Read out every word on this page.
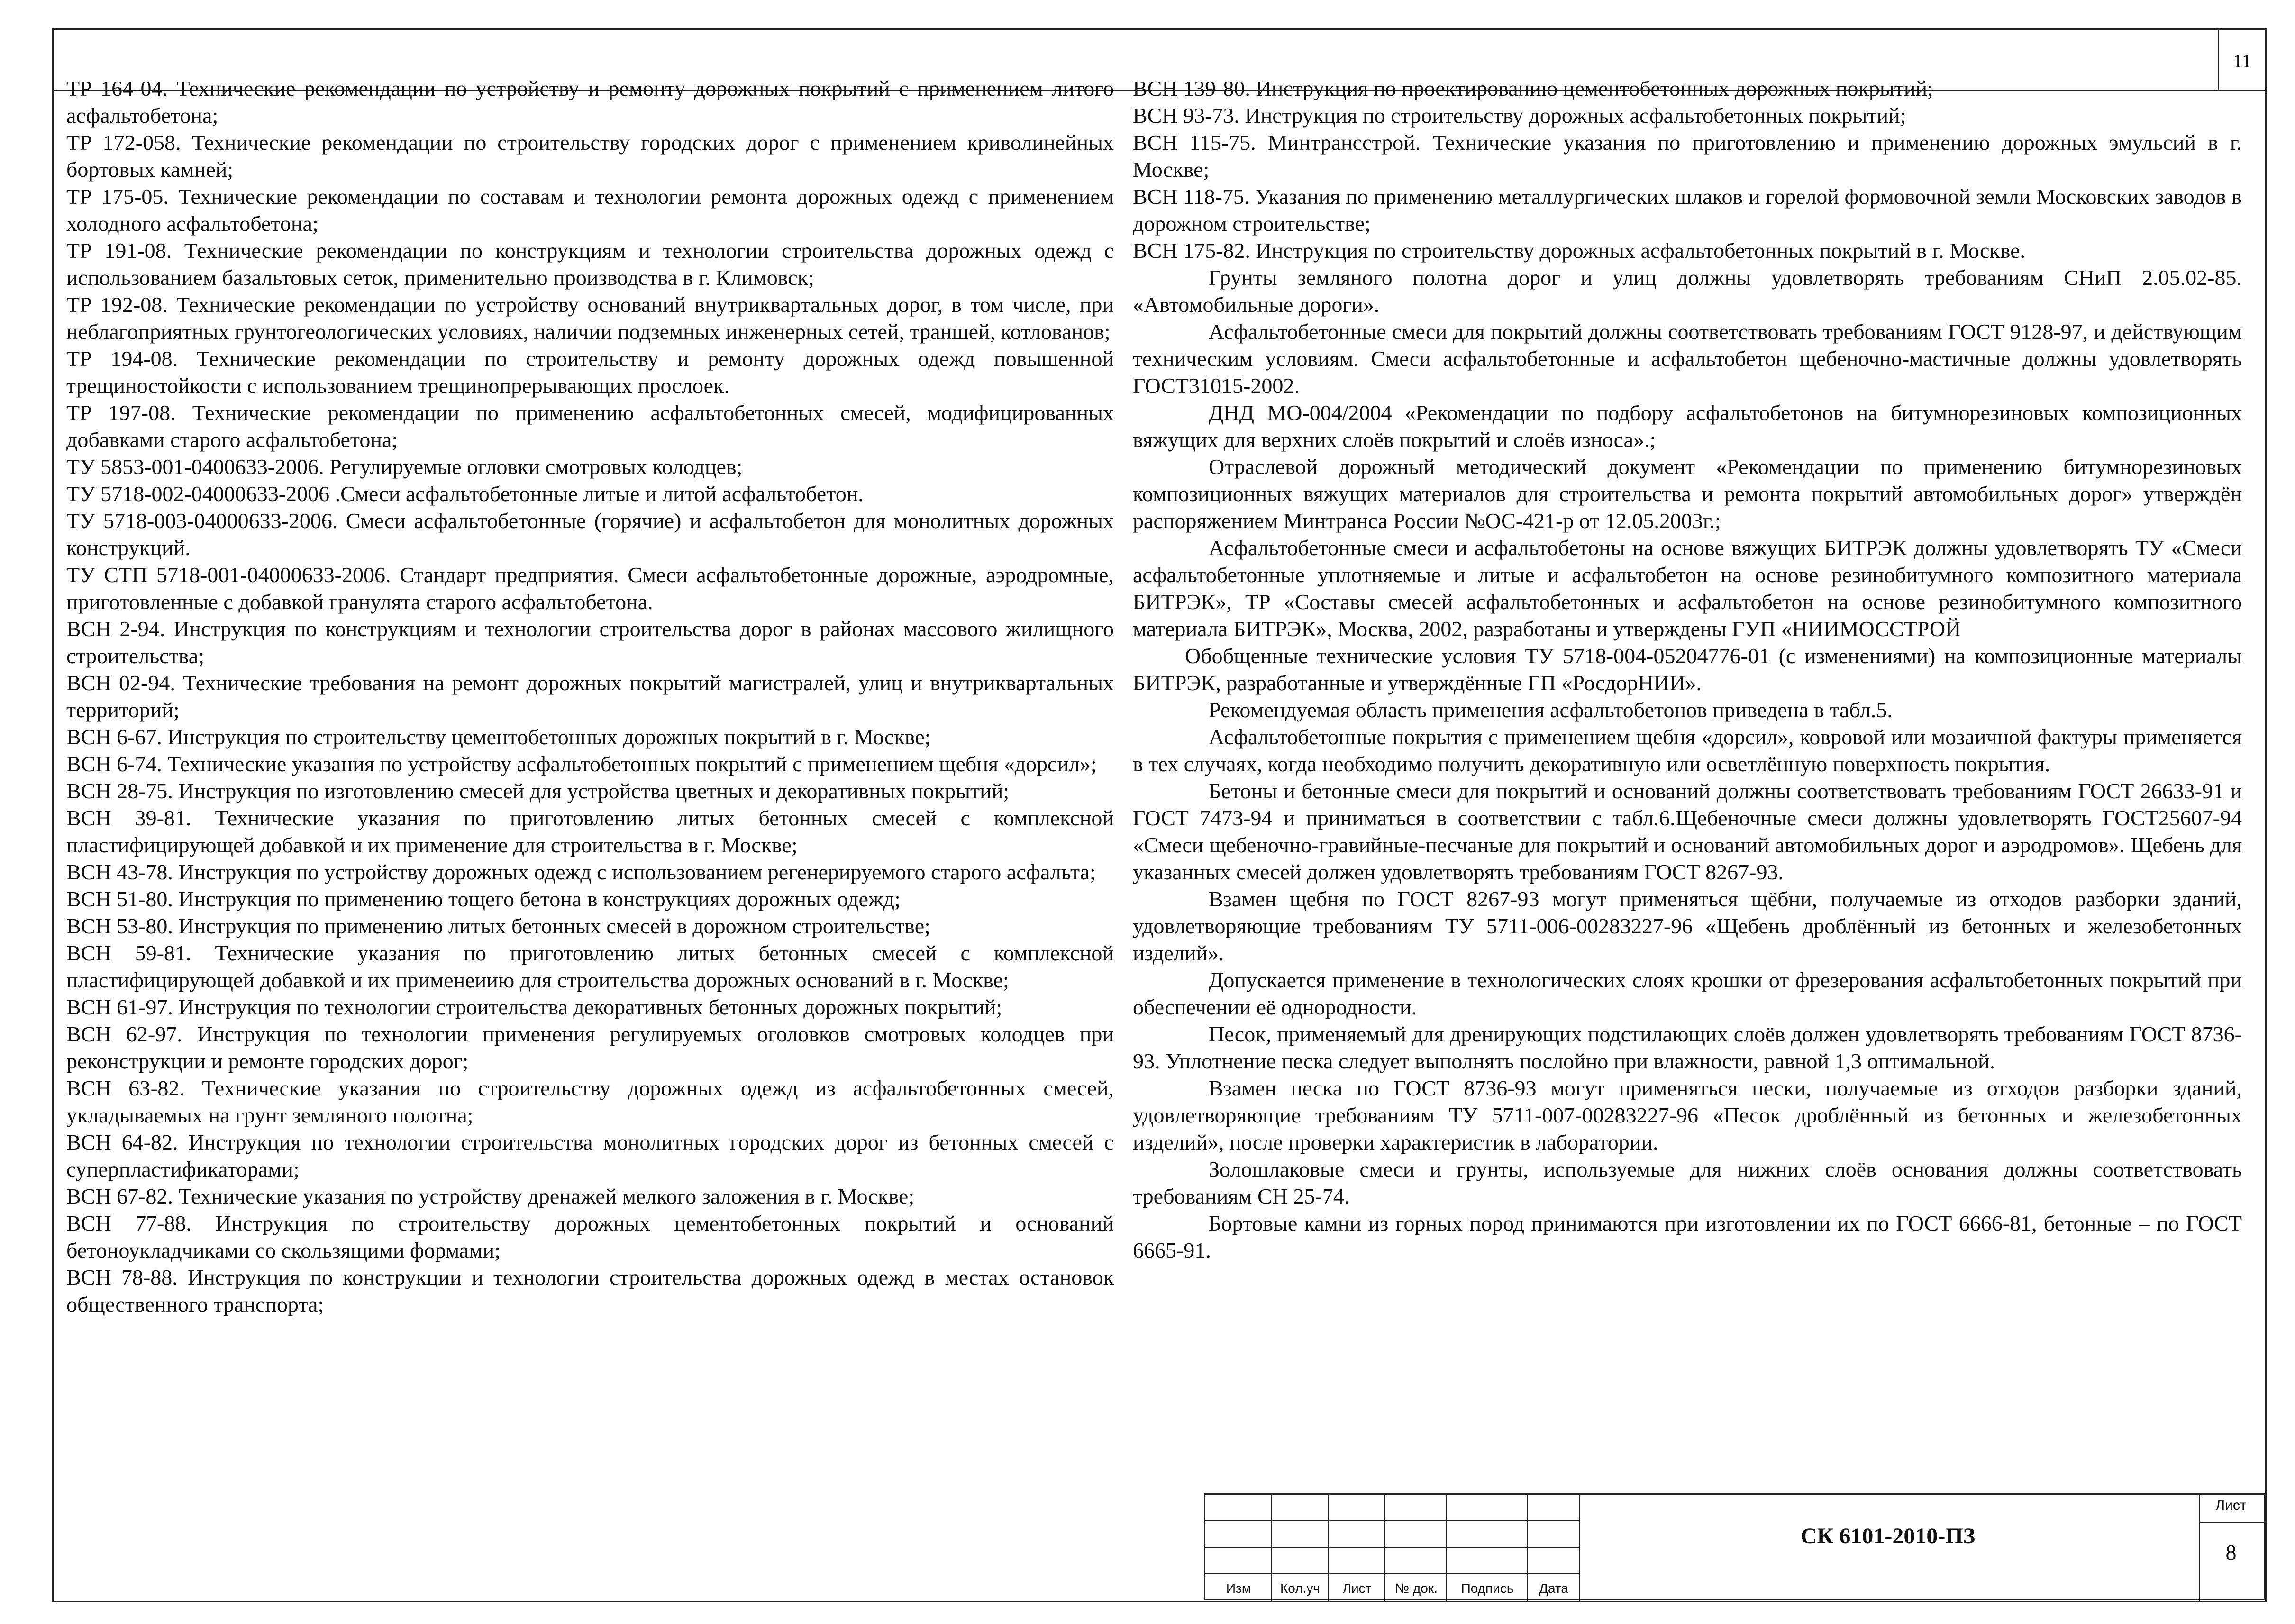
11

ТР 164-04. Технические рекомендации по устройству и ремонту дорожных покрытий с применением литого асфальтобетона;

ТР 172-058. Технические рекомендации по строительству городских дорог с применением криволинейных бортовых камней;

ТР 175-05. Технические рекомендации по составам и технологии ремонта дорожных одежд с применением холодного асфальтобетона;

ТР 191-08. Технические рекомендации по конструкциям и технологии строительства дорожных одежд с использованием базальтовых сеток, применительно производства в г. Климовск;

ТР 192-08. Технические рекомендации по устройству оснований внутриквартальных дорог, в том числе, при неблагоприятных грунтогеологических условиях, наличии подземных инженерных сетей, траншей, котлованов;

ТР 194-08. Технические рекомендации по строительству и ремонту дорожных одежд повышенной трещиностойкости с использованием трещинопрерывающих прослоек.

ТР 197-08. Технические рекомендации по применению асфальтобетонных смесей, модифицированных добавками старого асфальтобетона;

ТУ 5853-001-0400633-2006. Регулируемые огловки смотровых колодцев;

ТУ 5718-002-04000633-2006 .Смеси асфальтобетонные литые и литой асфальтобетон.

ТУ 5718-003-04000633-2006. Смеси асфальтобетонные (горячие) и асфальтобетон для монолитных дорожных конструкций.

ТУ СТП 5718-001-04000633-2006. Стандарт предприятия. Смеси асфальтобетонные дорожные, аэродромные, приготовленные с добавкой гранулята старого асфальтобетона.

ВСН 2-94. Инструкция по конструкциям и технологии строительства дорог в районах массового жилищного строительства;

ВСН 02-94. Технические требования на ремонт дорожных покрытий магистралей, улиц и внутриквартальных территорий;

ВСН 6-67. Инструкция по строительству цементобетонных дорожных покрытий в г. Москве;

ВСН 6-74. Технические указания по устройству асфальтобетонных покрытий с применением щебня «дорсил»;

ВСН 28-75. Инструкция по изготовлению смесей для устройства цветных и декоративных покрытий;

ВСН 39-81. Технические указания по приготовлению литых бетонных смесей с комплексной пластифицирующей добавкой и их применение для строительства в г. Москве;

ВСН 43-78. Инструкция по устройству дорожных одежд с использованием регенерируемого старого асфальта;

ВСН 51-80. Инструкция по применению тощего бетона в конструкциях дорожных одежд;

ВСН 53-80. Инструкция по применению литых бетонных смесей в дорожном строительстве;

ВСН 59-81. Технические указания по приготовлению литых бетонных смесей с комплексной пластифицирующей добавкой и их применеиию для строительства дорожных оснований в г. Москве;

ВСН 61-97. Инструкция по технологии строительства декоративных бетонных дорожных покрытий;

ВСН 62-97. Инструкция по технологии применения регулируемых оголовков смотровых колодцев при реконструкции и ремонте городских дорог;

ВСН 63-82. Технические указания по строительству дорожных одежд из асфальтобетонных смесей, укладываемых на грунт земляного полотна;

ВСН 64-82. Инструкция по технологии строительства монолитных городских дорог из бетонных смесей с суперпластификаторами;

ВСН 67-82. Технические указания по устройству дренажей мелкого заложения в г. Москве;

ВСН 77-88. Инструкция по строительству дорожных цементобетонных покрытий и оснований бетоноукладчиками со скользящими формами;

ВСН 78-88. Инструкция по конструкции и технологии строительства дорожных одежд в местах остановок общественного транспорта;

ВСН 139-80. Инструкция по проектированию цементобетонных дорожных покрытий;

ВСН 93-73. Инструкция по строительству дорожных асфальтобетонных покрытий;

ВСН 115-75. Минтрансстрой. Технические указания по приготовлению и применению дорожных эмульсий в г. Москве;

ВСН 118-75. Указания по применению металлургических шлаков и горелой формовочной земли Московских заводов в дорожном строительстве;

ВСН 175-82. Инструкция по строительству дорожных асфальтобетонных покрытий в г. Москве.

Грунты земляного полотна дорог и улиц должны удовлетворять требованиям СНиП 2.05.02-85. «Автомобильные дороги».

Асфальтобетонные смеси для покрытий должны соответствовать требованиям ГОСТ 9128-97, и действующим техническим условиям. Смеси асфальтобетонные и асфальтобетон щебеночно-мастичные должны удовлетворять ГОСТ31015-2002.

ДНД МО-004/2004 «Рекомендации по подбору асфальтобетонов на битумнорезиновых композиционных вяжущих для верхних слоёв покрытий и слоёв износа».;

Отраслевой дорожный методический документ «Рекомендации по применению битумнорезиновых композиционных вяжущих материалов для строительства и ремонта покрытий автомобильных дорог» утверждён распоряжением Минтранса России №ОС-421-р от 12.05.2003г.;

Асфальтобетонные смеси и асфальтобетоны на основе вяжущих БИТРЭК должны удовлетворять ТУ «Смеси асфальтобетонные уплотняемые и литые и асфальтобетон на основе резинобитумного композитного материала БИТРЭК», ТР «Составы смесей асфальтобетонных и асфальтобетон на основе резинобитумного композитного материала БИТРЭК», Москва, 2002, разработаны и утверждены ГУП «НИИМОССТРОЙ

Обобщенные технические условия ТУ 5718-004-05204776-01 (с изменениями) на композиционные материалы БИТРЭК, разработанные и утверждённые ГП «РосдорНИИ».

Рекомендуемая область применения асфальтобетонов приведена в табл.5.

Асфальтобетонные покрытия с применением щебня «дорсил», ковровой или мозаичной фактуры применяется в тех случаях, когда необходимо получить декоративную или осветлённую поверхность покрытия.

Бетоны и бетонные смеси для покрытий и оснований должны соответствовать требованиям ГОСТ 26633-91 и ГОСТ 7473-94 и приниматься в соответствии с табл.6.Щебеночные смеси должны удовлетворять ГОСТ25607-94 «Смеси щебеночно-гравийные-песчаные для покрытий и оснований автомобильных дорог и аэродромов». Щебень для указанных смесей должен удовлетворять требованиям ГОСТ 8267-93.

Взамен щебня по ГОСТ 8267-93 могут применяться щёбни, получаемые из отходов разборки зданий, удовлетворяющие требованиям ТУ 5711-006-00283227-96 «Щебень дроблённый из бетонных и железобетонных изделий».

Допускается применение в технологических слоях крошки от фрезерования асфальтобетонных покрытий при обеспечении её однородности.

Песок, применяемый для дренирующих подстилающих слоёв должен удовлетворять требованиям ГОСТ 8736-93. Уплотнение песка следует выполнять послойно при влажности, равной 1,3 оптимальной.

Взамен песка по ГОСТ 8736-93 могут применяться пески, получаемые из отходов разборки зданий, удовлетворяющие требованиям ТУ 5711-007-00283227-96 «Песок дроблённый из бетонных и железобетонных изделий», после проверки характеристик в лаборатории.

Золошлаковые смеси и грунты, используемые для нижних слоёв основания должны соответствовать требованиям СН 25-74.

Бортовые камни из горных пород принимаются при изготовлении их по ГОСТ 6666-81, бетонные – по ГОСТ 6665-91.

Изм	Кол.уч	Лист	№ док.	Подпись	Дата
СК 6101-2010-ПЗ
Лист
8
